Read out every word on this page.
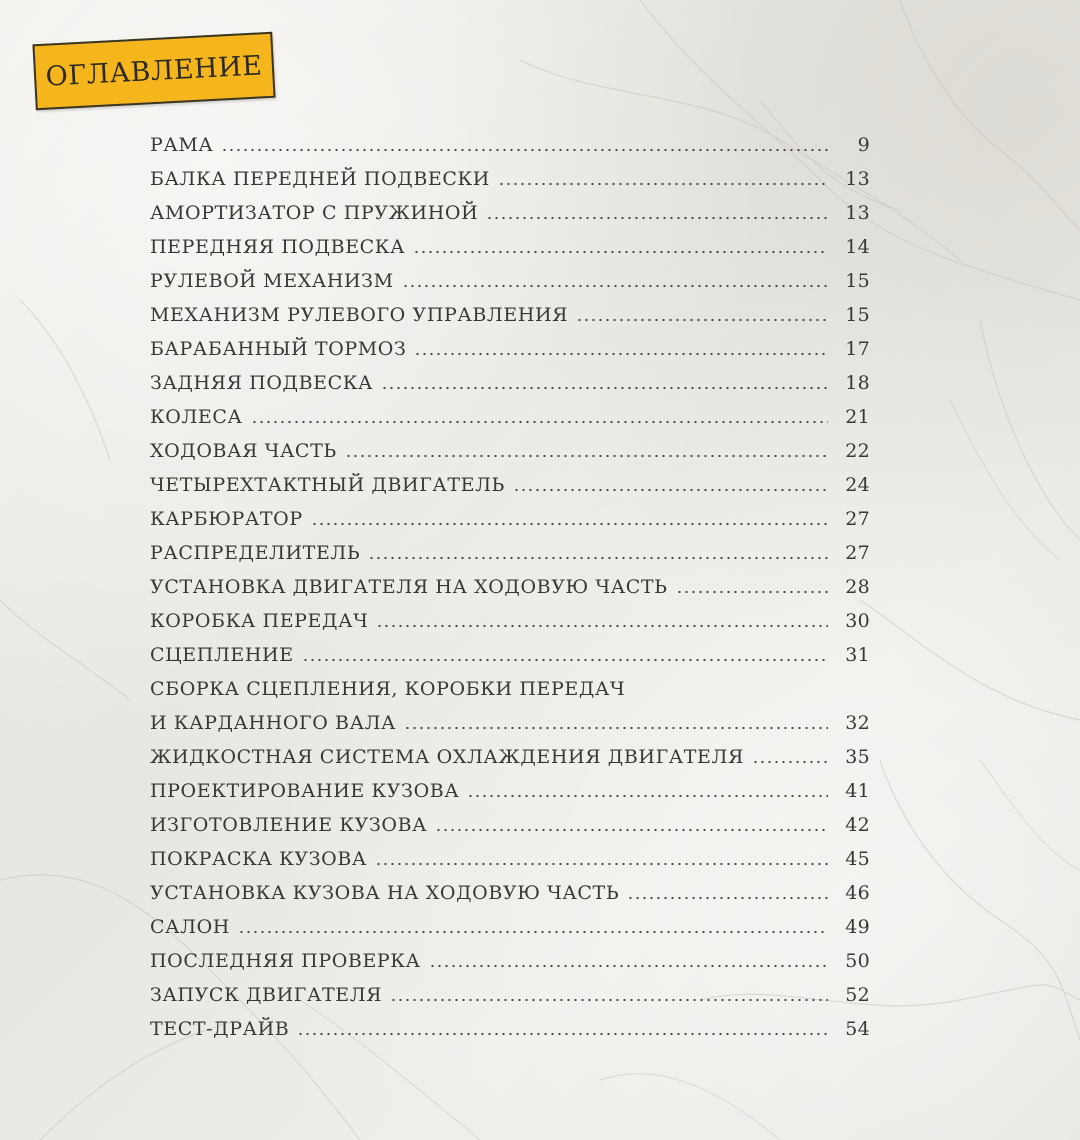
ОГЛАВЛЕНИЕ
РАМА	9
БАЛКА ПЕРЕДНЕЙ ПОДВЕСКИ	13
АМОРТИЗАТОР С ПРУЖИНОЙ	13
ПЕРЕДНЯЯ ПОДВЕСКА	14
РУЛЕВОЙ МЕХАНИЗМ	15
МЕХАНИЗМ РУЛЕВОГО УПРАВЛЕНИЯ	15
БАРАБАННЫЙ ТОРМОЗ	17
ЗАДНЯЯ ПОДВЕСКА	18
КОЛЕСА	21
ХОДОВАЯ ЧАСТЬ	22
ЧЕТЫРЕХТАКТНЫЙ ДВИГАТЕЛЬ	24
КАРБЮРАТОР	27
РАСПРЕДЕЛИТЕЛЬ	27
УСТАНОВКА ДВИГАТЕЛЯ НА ХОДОВУЮ ЧАСТЬ	28
КОРОБКА ПЕРЕДАЧ	30
СЦЕПЛЕНИЕ	31
СБОРКА СЦЕПЛЕНИЯ, КОРОБКИ ПЕРЕДАЧ
И КАРДАННОГО ВАЛА	32
ЖИДКОСТНАЯ СИСТЕМА ОХЛАЖДЕНИЯ ДВИГАТЕЛЯ	35
ПРОЕКТИРОВАНИЕ КУЗОВА	41
ИЗГОТОВЛЕНИЕ КУЗОВА	42
ПОКРАСКА КУЗОВА	45
УСТАНОВКА КУЗОВА НА ХОДОВУЮ ЧАСТЬ	46
САЛОН	49
ПОСЛЕДНЯЯ ПРОВЕРКА	50
ЗАПУСК ДВИГАТЕЛЯ	52
ТЕСТ-ДРАЙВ	54
